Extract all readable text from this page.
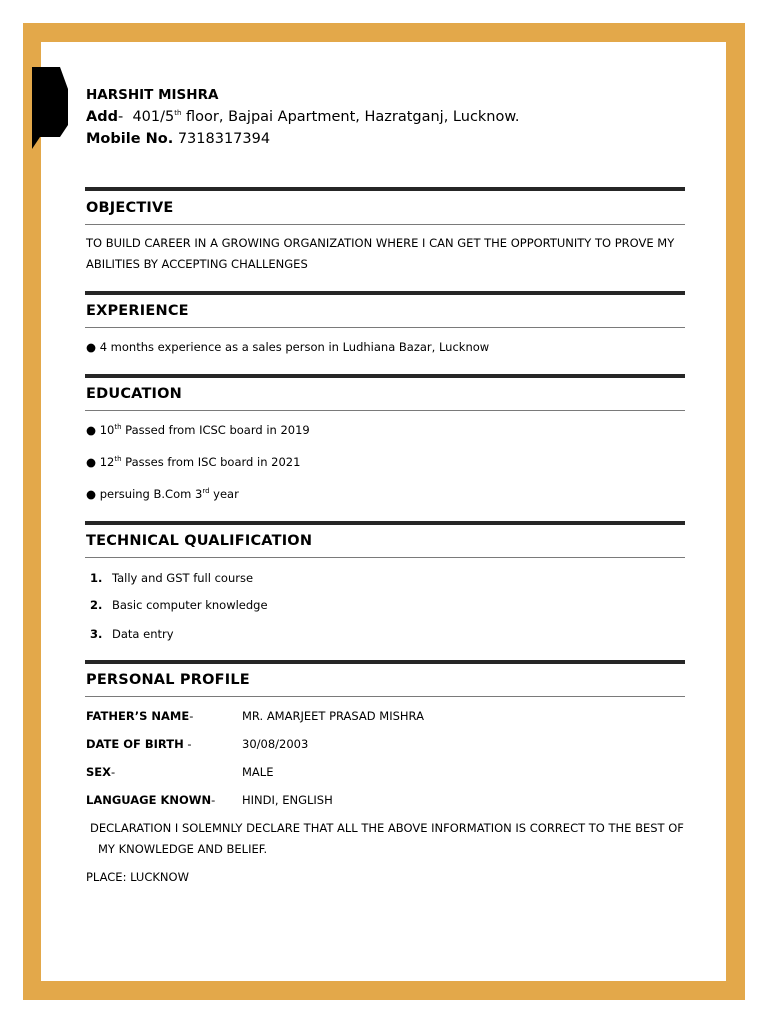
HARSHIT MISHRA
Add- 401/5th floor, Bajpai Apartment, Hazratganj, Lucknow.
Mobile No. 7318317394
OBJECTIVE
TO BUILD CAREER IN A GROWING ORGANIZATION WHERE I CAN GET THE OPPORTUNITY TO PROVE MY ABILITIES BY ACCEPTING CHALLENGES
EXPERIENCE
● 4 months experience as a sales person in Ludhiana Bazar, Lucknow
EDUCATION
● 10th Passed from ICSC board in 2019
● 12th Passes from ISC board in 2021
● persuing B.Com 3rd year
TECHNICAL QUALIFICATION
1. Tally and GST full course
2. Basic computer knowledge
3. Data entry
PERSONAL PROFILE
FATHER’S NAME-	MR. AMARJEET PRASAD MISHRA
DATE OF BIRTH -	30/08/2003
SEX-	MALE
LANGUAGE KNOWN- HINDI, ENGLISH
DECLARATION I SOLEMNLY DECLARE THAT ALL THE ABOVE INFORMATION IS CORRECT TO THE BEST OF MY KNOWLEDGE AND BELIEF.
PLACE: LUCKNOW
